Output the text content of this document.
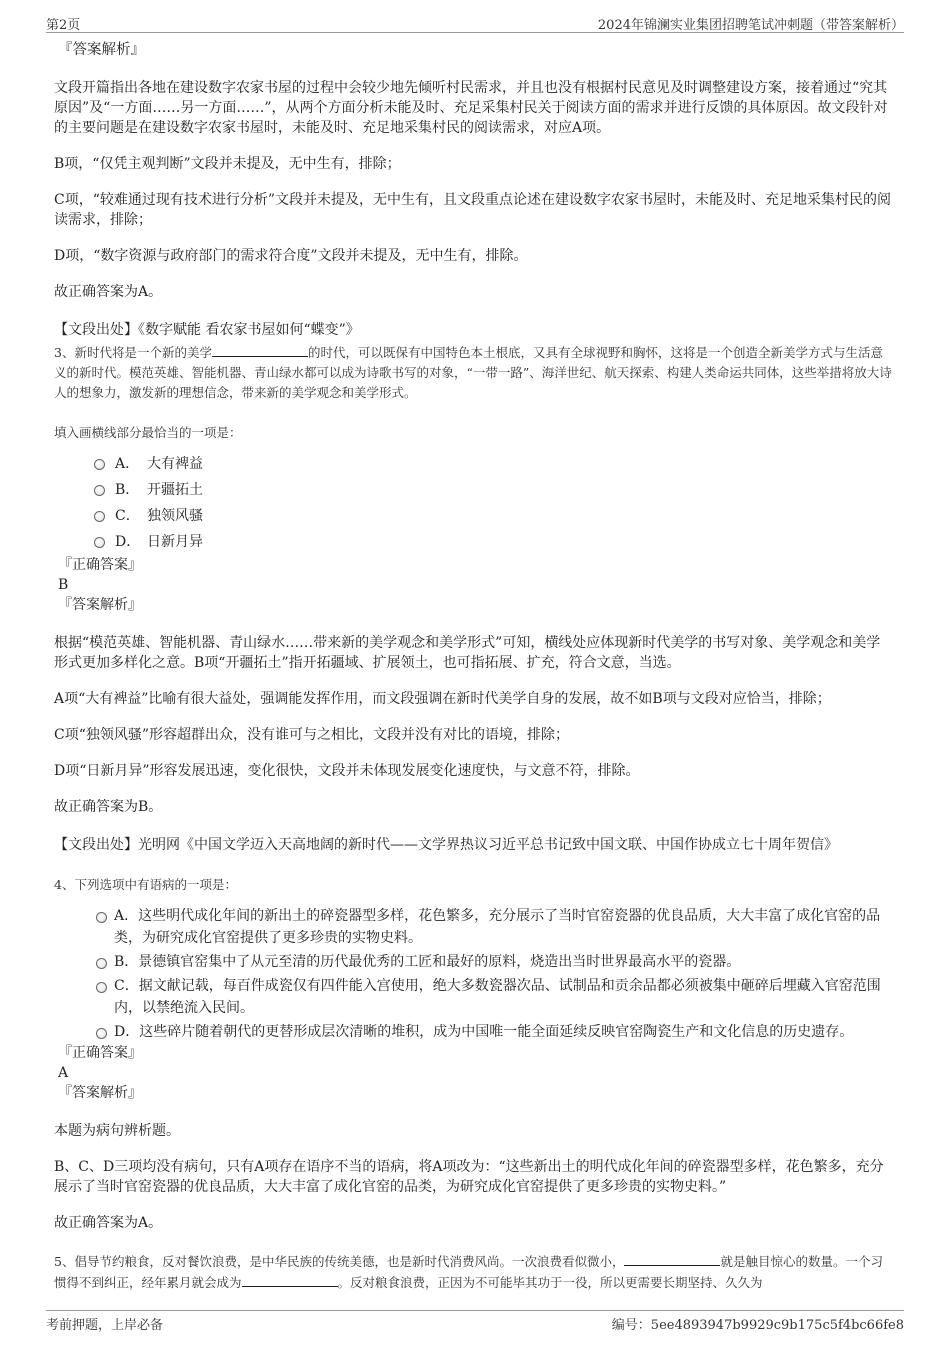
第2页	2024年锦澜实业集团招聘笔试冲刺题（带答案解析）

『答案解析』

文段开篇指出各地在建设数字农家书屋的过程中会较少地先倾听村民需求，并且也没有根据村民意见及时调整建设方案，接着通过“究其原因”及“一方面……另一方面……”，从两个方面分析未能及时、充足采集村民关于阅读方面的需求并进行反馈的具体原因。故文段针对的主要问题是在建设数字农家书屋时，未能及时、充足地采集村民的阅读需求，对应A项。

B项，“仅凭主观判断”文段并未提及，无中生有，排除；

C项，“较难通过现有技术进行分析”文段并未提及，无中生有，且文段重点论述在建设数字农家书屋时，未能及时、充足地采集村民的阅读需求，排除；

D项，“数字资源与政府部门的需求符合度”文段并未提及，无中生有，排除。

故正确答案为A。

【文段出处】《数字赋能 看农家书屋如何“蝶变”》

3、新时代将是一个新的美学	的时代，可以既保有中国特色本土根底，又具有全球视野和胸怀，这将是一个创造全新美学方式与生活意义的新时代。模范英雄、智能机器、青山绿水都可以成为诗歌书写的对象，“一带一路”、海洋世纪、航天探索、构建人类命运共同体，这些举措将放大诗人的想象力，激发新的理想信念，带来新的美学观念和美学形式。

填入画横线部分最恰当的一项是：

A． 大有裨益
B． 开疆拓土
C． 独领风骚
D． 日新月异

『正确答案』

B

『答案解析』

根据“模范英雄、智能机器、青山绿水……带来新的美学观念和美学形式”可知，横线处应体现新时代美学的书写对象、美学观念和美学形式更加多样化之意。B项“开疆拓土”指开拓疆域、扩展领土，也可指拓展、扩充，符合文意，当选。

A项“大有裨益”比喻有很大益处，强调能发挥作用，而文段强调在新时代美学自身的发展，故不如B项与文段对应恰当，排除；

C项“独领风骚”形容超群出众，没有谁可与之相比，文段并没有对比的语境，排除；

D项“日新月异”形容发展迅速，变化很快，文段并未体现发展变化速度快，与文意不符，排除。

故正确答案为B。

【文段出处】光明网《中国文学迈入天高地阔的新时代——文学界热议习近平总书记致中国文联、中国作协成立七十周年贺信》

4、下列选项中有语病的一项是：

A．这些明代成化年间的新出土的碎瓷器型多样，花色繁多，充分展示了当时官窑瓷器的优良品质，大大丰富了成化官窑的品类，为研究成化官窑提供了更多珍贵的实物史料。
B．景德镇官窑集中了从元至清的历代最优秀的工匠和最好的原料，烧造出当时世界最高水平的瓷器。
C．据文献记载，每百件成瓷仅有四件能入宫使用，绝大多数瓷器次品、试制品和贡余品都必须被集中砸碎后埋藏入官窑范围内，以禁绝流入民间。
D．这些碎片随着朝代的更替形成层次清晰的堆积，成为中国唯一能全面延续反映官窑陶瓷生产和文化信息的历史遗存。

『正确答案』

A

『答案解析』

本题为病句辨析题。

B、C、D三项均没有病句，只有A项存在语序不当的语病，将A项改为：“这些新出土的明代成化年间的碎瓷器型多样，花色繁多，充分展示了当时官窑瓷器的优良品质，大大丰富了成化官窑的品类，为研究成化官窑提供了更多珍贵的实物史料。”

故正确答案为A。

5、倡导节约粮食，反对餐饮浪费，是中华民族的传统美德，也是新时代消费风尚。一次浪费看似微小，	就是触目惊心的数量。一个习惯得不到纠正，经年累月就会成为	。反对粮食浪费，正因为不可能毕其功于一役，所以更需要长期坚持、久久为

考前押题，上岸必备	编号：5ee4893947b9929c9b175c5f4bc66fe8
